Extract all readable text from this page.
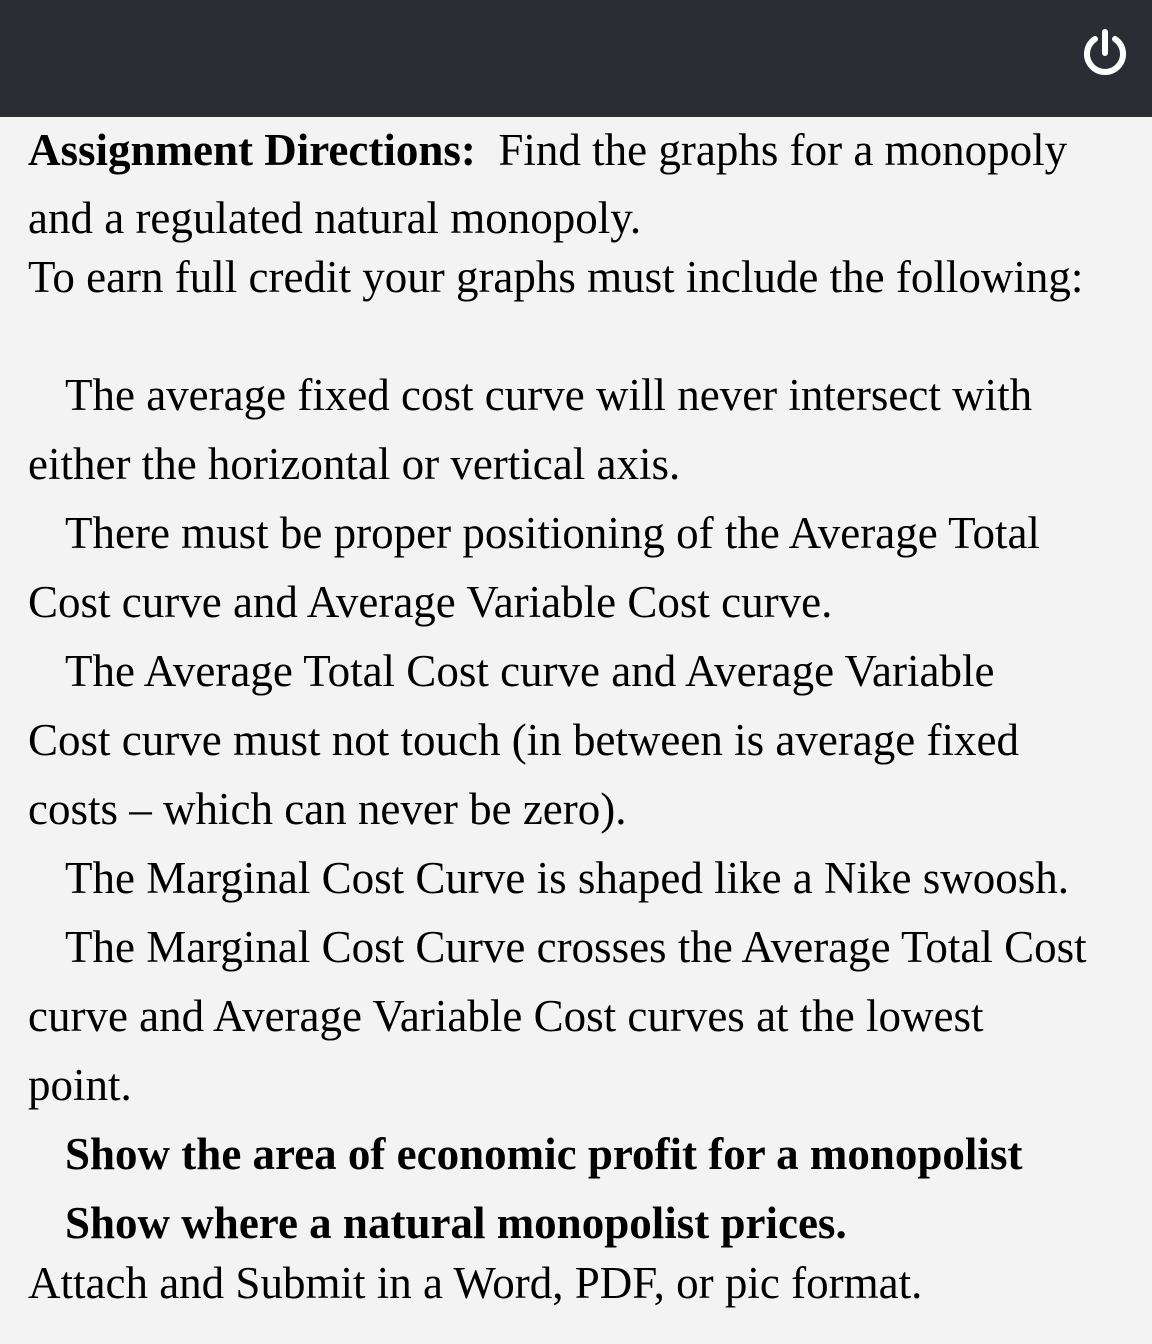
Assignment Directions: Find the graphs for a monopoly
and a regulated natural monopoly.
To earn full credit your graphs must include the following:
The average fixed cost curve will never intersect with
either the horizontal or vertical axis.
There must be proper positioning of the Average Total
Cost curve and Average Variable Cost curve.
The Average Total Cost curve and Average Variable
Cost curve must not touch (in between is average fixed
costs – which can never be zero).
The Marginal Cost Curve is shaped like a Nike swoosh.
The Marginal Cost Curve crosses the Average Total Cost
curve and Average Variable Cost curves at the lowest
point.
Show the area of economic profit for a monopolist
Show where a natural monopolist prices.
Attach and Submit in a Word, PDF, or pic format.
